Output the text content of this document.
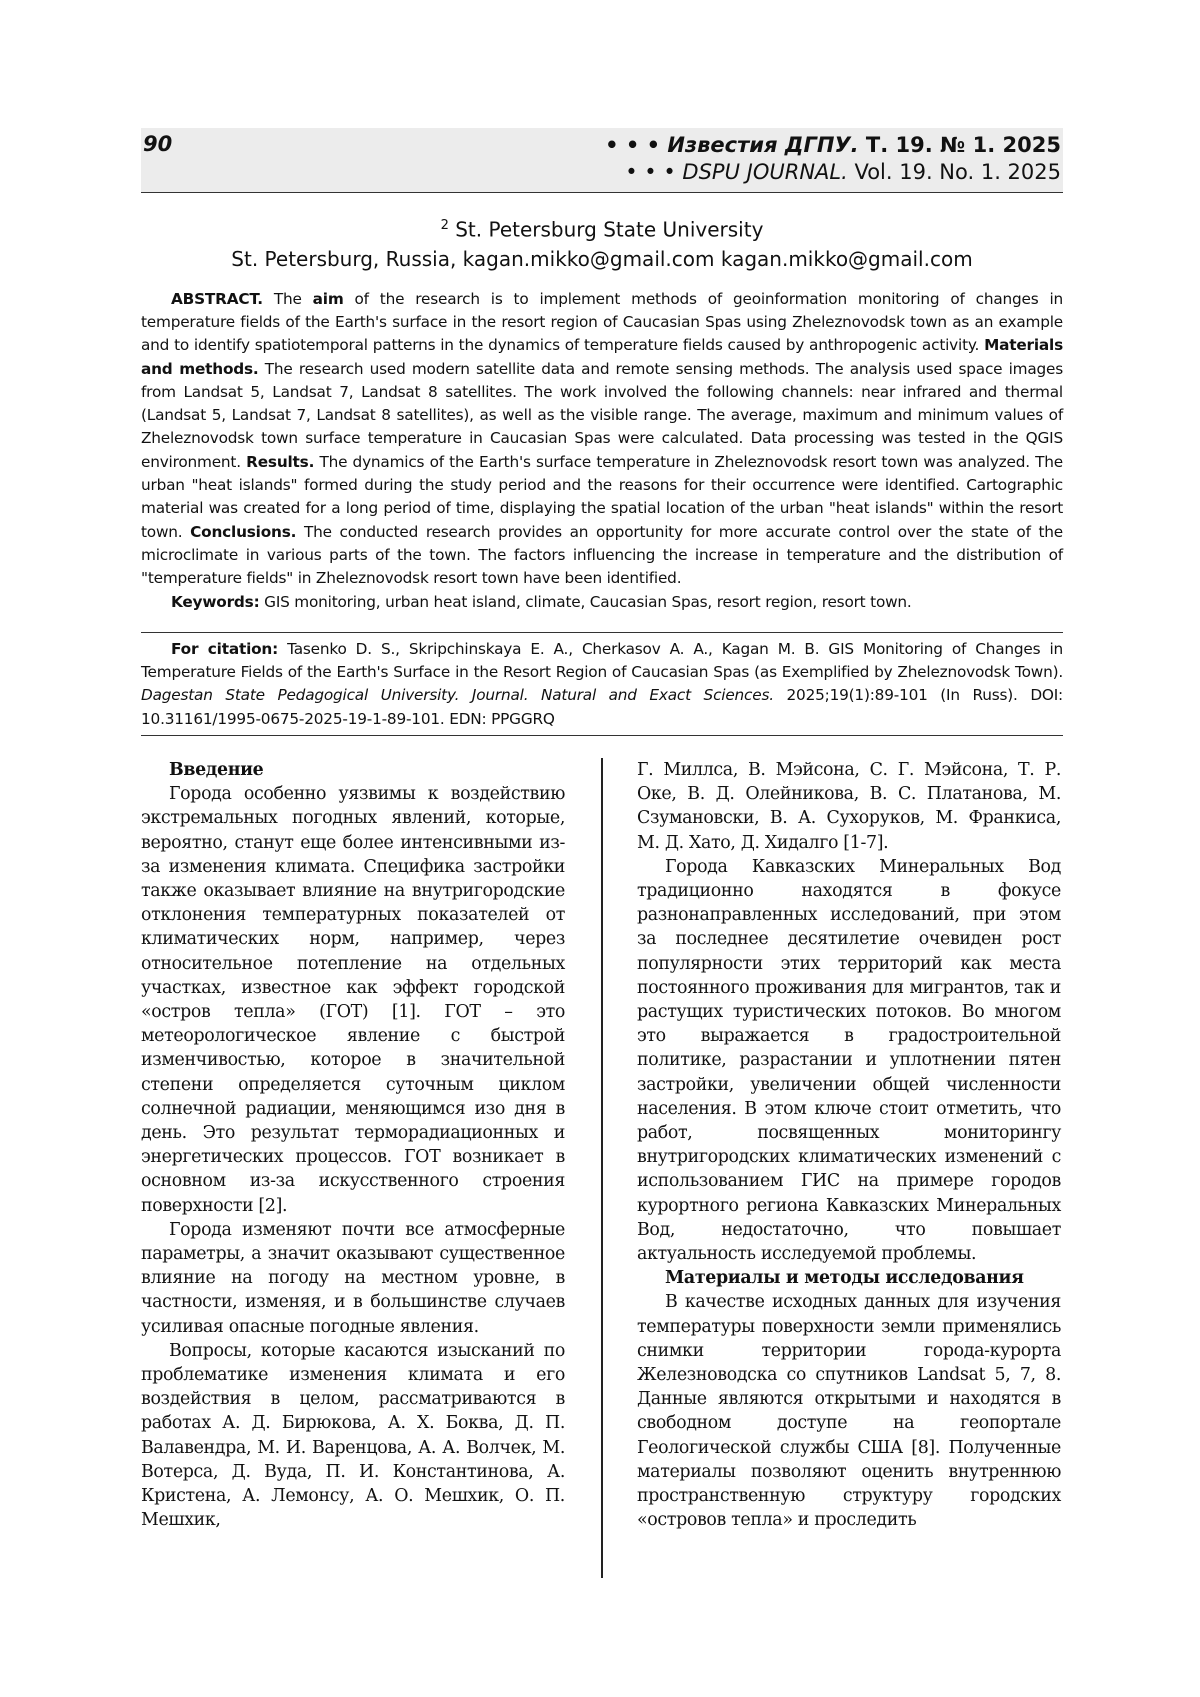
90	• • • Известия ДГПУ. Т. 19. № 1. 2025
• • • DSPU JOURNAL. Vol. 19. No. 1. 2025
2 St. Petersburg State University
St. Petersburg, Russia, kagan.mikko@gmail.com kagan.mikko@gmail.com

ABSTRACT. The aim of the research is to implement methods of geoinformation monitoring of changes in temperature fields of the Earth's surface in the resort region of Caucasian Spas using Zheleznovodsk town as an example and to identify spatiotemporal patterns in the dynamics of temperature fields caused by anthropogenic activity. Materials and methods. The research used modern satellite data and remote sensing methods. The analysis used space images from Landsat 5, Landsat 7, Landsat 8 satellites. The work involved the following channels: near infrared and thermal (Landsat 5, Landsat 7, Landsat 8 satellites), as well as the visible range. The average, maximum and minimum values of Zheleznovodsk town surface temperature in Caucasian Spas were calculated. Data processing was tested in the QGIS environment. Results. The dynamics of the Earth's surface temperature in Zheleznovodsk resort town was analyzed. The urban "heat islands" formed during the study period and the reasons for their occurrence were identified. Cartographic material was created for a long period of time, displaying the spatial location of the urban "heat islands" within the resort town. Conclusions. The conducted research provides an opportunity for more accurate control over the state of the microclimate in various parts of the town. The factors influencing the increase in temperature and the distribution of "temperature fields" in Zheleznovodsk resort town have been identified.

Keywords: GIS monitoring, urban heat island, climate, Caucasian Spas, resort region, resort town.

For citation: Tasenko D. S., Skripchinskaya E. A., Cherkasov A. A., Kagan M. B. GIS Monitoring of Changes in Temperature Fields of the Earth's Surface in the Resort Region of Caucasian Spas (as Exemplified by Zheleznovodsk Town). Dagestan State Pedagogical University. Journal. Natural and Exact Sciences. 2025;19(1):89-101 (In Russ). DOI: 10.31161/1995-0675-2025-19-1-89-101. EDN: PPGGRQ

Введение

Города особенно уязвимы к воздействию экстремальных погодных явлений, которые, вероятно, станут еще более интенсивными из-за изменения климата. Специфика застройки также оказывает влияние на внутригородские отклонения температурных показателей от климатических норм, например, через относительное потепление на отдельных участках, известное как эффект городской «остров тепла» (ГОТ) [1]. ГОТ – это метеорологическое явление с быстрой изменчивостью, которое в значительной степени определяется суточным циклом солнечной радиации, меняющимся изо дня в день. Это результат терморадиационных и энергетических процессов. ГОТ возникает в основном из-за искусственного строения поверхности [2].

Города изменяют почти все атмосферные параметры, а значит оказывают существенное влияние на погоду на местном уровне, в частности, изменяя, и в большинстве случаев усиливая опасные погодные явления.

Вопросы, которые касаются изысканий по проблематике изменения климата и его воздействия в целом, рассматриваются в работах А. Д. Бирюкова, А. Х. Боква, Д. П. Валавендра, М. И. Варенцова, А. А. Волчек, М. Вотерса, Д. Вуда, П. И. Константинова, А. Кристена, А. Лемонсу, А. О. Мешхик, О. П. Мешхик,

Г. Миллса, В. Мэйсона, С. Г. Мэйсона, Т. Р. Оке, В. Д. Олейникова, В. С. Платанова, М. Сзумановски, В. А. Сухоруков, М. Франкиса, М. Д. Хато, Д. Хидалго [1-7].

Города Кавказских Минеральных Вод традиционно находятся в фокусе разнонаправленных исследований, при этом за последнее десятилетие очевиден рост популярности этих территорий как места постоянного проживания для мигрантов, так и растущих туристических потоков. Во многом это выражается в градостроительной политике, разрастании и уплотнении пятен застройки, увеличении общей численности населения. В этом ключе стоит отметить, что работ, посвященных мониторингу внутригородских климатических изменений с использованием ГИС на примере городов курортного региона Кавказских Минеральных Вод, недостаточно, что повышает актуальность исследуемой проблемы.

Материалы и методы исследования

В качестве исходных данных для изучения температуры поверхности земли применялись снимки территории города-курорта Железноводска со спутников Landsat 5, 7, 8. Данные являются открытыми и находятся в свободном доступе на геопортале Геологической службы США [8]. Полученные материалы позволяют оценить внутреннюю пространственную структуру городских «островов тепла» и проследить
